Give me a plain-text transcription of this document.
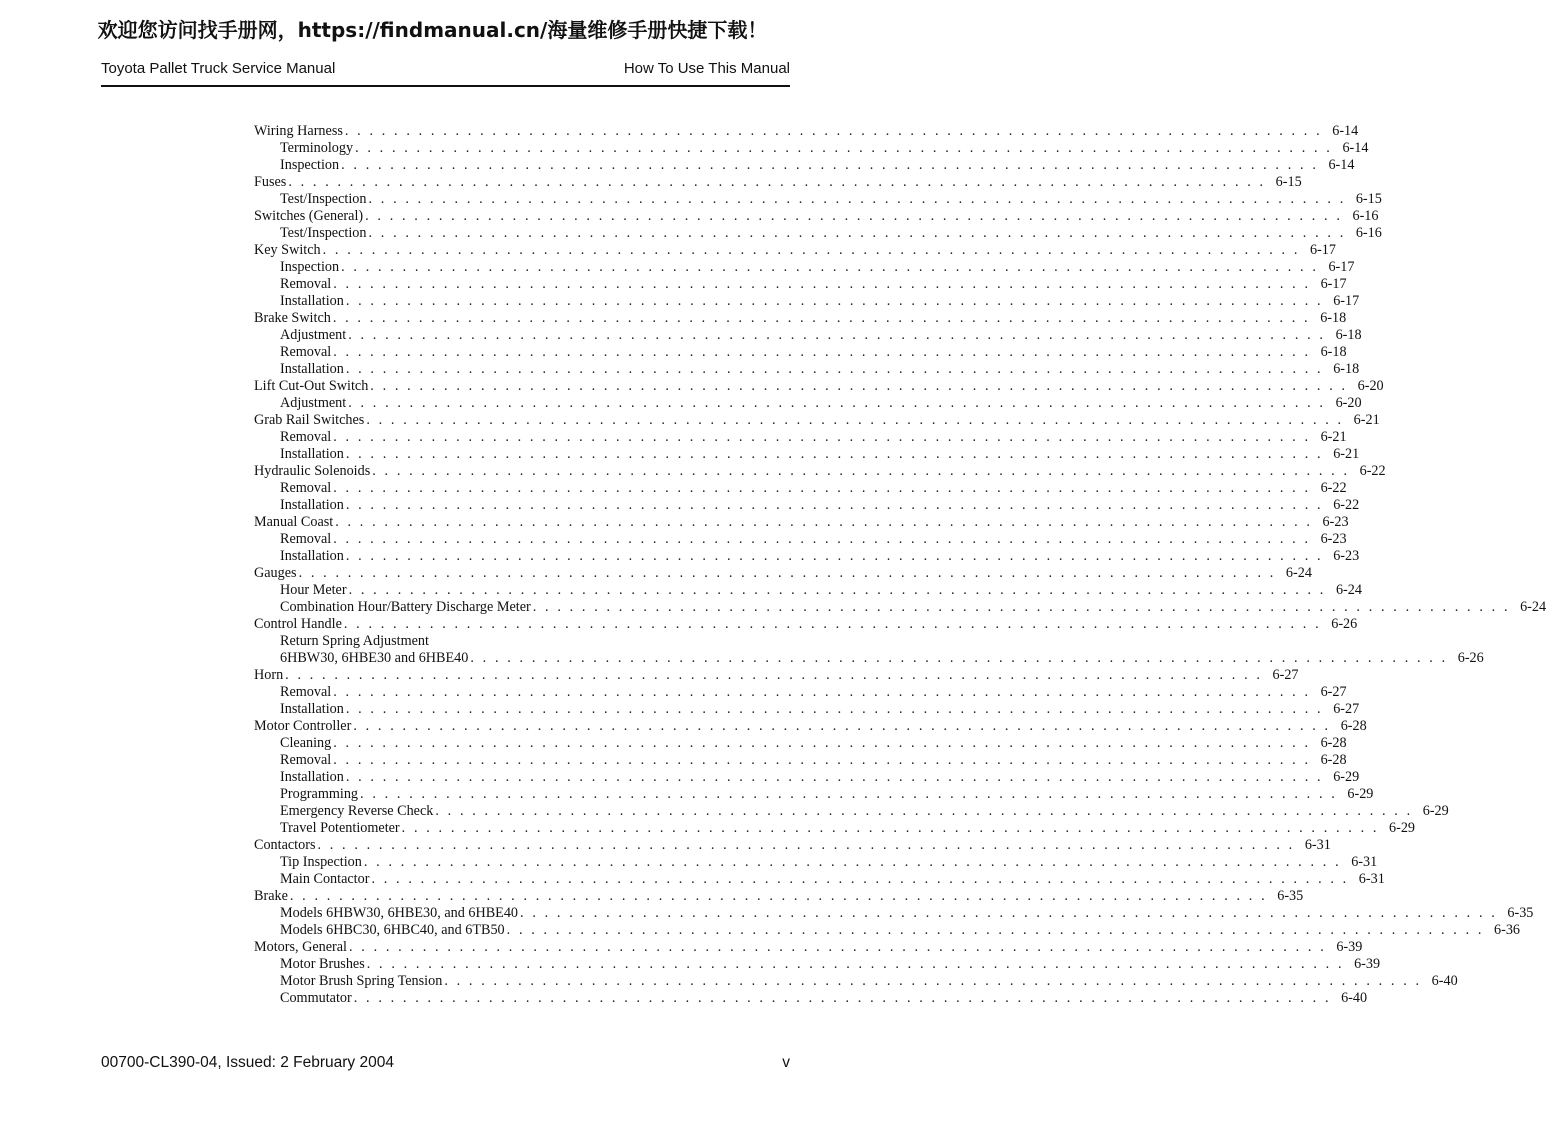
欢迎您访问找手册网，https://findmanual.cn/海量维修手册快捷下载！
Toyota Pallet Truck Service Manual	How To Use This Manual
Wiring Harness . . . . . . . . . . . . . . . . . . . . . . . . . . . . . . . . . . . . . . . . . . . . . . . . . . . . . . . . . . . . . . . . . . . . . . . . . . . . . . . . 6-14
Terminology . . . . . . . . . . . . . . . . . . . . . . . . . . . . . . . . . . . . . . . . . . . . . . . . . . . . . . . . . . . . . . . . . . . . . . . . . . . . . . . . 6-14
Inspection . . . . . . . . . . . . . . . . . . . . . . . . . . . . . . . . . . . . . . . . . . . . . . . . . . . . . . . . . . . . . . . . . . . . . . . . . . . . . . . . 6-14
Fuses . . . . . . . . . . . . . . . . . . . . . . . . . . . . . . . . . . . . . . . . . . . . . . . . . . . . . . . . . . . . . . . . . . . . . . . . . . . . . . . . 6-15
Test/Inspection . . . . . . . . . . . . . . . . . . . . . . . . . . . . . . . . . . . . . . . . . . . . . . . . . . . . . . . . . . . . . . . . . . . . . . . . . . . . . . . . 6-15
Switches (General) . . . . . . . . . . . . . . . . . . . . . . . . . . . . . . . . . . . . . . . . . . . . . . . . . . . . . . . . . . . . . . . . . . . . . . . . . . . . . . . . 6-16
Test/Inspection . . . . . . . . . . . . . . . . . . . . . . . . . . . . . . . . . . . . . . . . . . . . . . . . . . . . . . . . . . . . . . . . . . . . . . . . . . . . . . . . 6-16
Key Switch . . . . . . . . . . . . . . . . . . . . . . . . . . . . . . . . . . . . . . . . . . . . . . . . . . . . . . . . . . . . . . . . . . . . . . . . . . . . . . . . 6-17
Inspection . . . . . . . . . . . . . . . . . . . . . . . . . . . . . . . . . . . . . . . . . . . . . . . . . . . . . . . . . . . . . . . . . . . . . . . . . . . . . . . . 6-17
Removal . . . . . . . . . . . . . . . . . . . . . . . . . . . . . . . . . . . . . . . . . . . . . . . . . . . . . . . . . . . . . . . . . . . . . . . . . . . . . . . . 6-17
Installation . . . . . . . . . . . . . . . . . . . . . . . . . . . . . . . . . . . . . . . . . . . . . . . . . . . . . . . . . . . . . . . . . . . . . . . . . . . . . . . . 6-17
Brake Switch . . . . . . . . . . . . . . . . . . . . . . . . . . . . . . . . . . . . . . . . . . . . . . . . . . . . . . . . . . . . . . . . . . . . . . . . . . . . . . . . 6-18
Adjustment . . . . . . . . . . . . . . . . . . . . . . . . . . . . . . . . . . . . . . . . . . . . . . . . . . . . . . . . . . . . . . . . . . . . . . . . . . . . . . . . 6-18
Removal . . . . . . . . . . . . . . . . . . . . . . . . . . . . . . . . . . . . . . . . . . . . . . . . . . . . . . . . . . . . . . . . . . . . . . . . . . . . . . . . 6-18
Installation . . . . . . . . . . . . . . . . . . . . . . . . . . . . . . . . . . . . . . . . . . . . . . . . . . . . . . . . . . . . . . . . . . . . . . . . . . . . . . . . 6-18
Lift Cut-Out Switch . . . . . . . . . . . . . . . . . . . . . . . . . . . . . . . . . . . . . . . . . . . . . . . . . . . . . . . . . . . . . . . . . . . . . . . . . . . . . . . . 6-20
Adjustment . . . . . . . . . . . . . . . . . . . . . . . . . . . . . . . . . . . . . . . . . . . . . . . . . . . . . . . . . . . . . . . . . . . . . . . . . . . . . . . . 6-20
Grab Rail Switches . . . . . . . . . . . . . . . . . . . . . . . . . . . . . . . . . . . . . . . . . . . . . . . . . . . . . . . . . . . . . . . . . . . . . . . . . . . . . . . . 6-21
Removal . . . . . . . . . . . . . . . . . . . . . . . . . . . . . . . . . . . . . . . . . . . . . . . . . . . . . . . . . . . . . . . . . . . . . . . . . . . . . . . . 6-21
Installation . . . . . . . . . . . . . . . . . . . . . . . . . . . . . . . . . . . . . . . . . . . . . . . . . . . . . . . . . . . . . . . . . . . . . . . . . . . . . . . . 6-21
Hydraulic Solenoids . . . . . . . . . . . . . . . . . . . . . . . . . . . . . . . . . . . . . . . . . . . . . . . . . . . . . . . . . . . . . . . . . . . . . . . . . . . . . . . . 6-22
Removal . . . . . . . . . . . . . . . . . . . . . . . . . . . . . . . . . . . . . . . . . . . . . . . . . . . . . . . . . . . . . . . . . . . . . . . . . . . . . . . . 6-22
Installation . . . . . . . . . . . . . . . . . . . . . . . . . . . . . . . . . . . . . . . . . . . . . . . . . . . . . . . . . . . . . . . . . . . . . . . . . . . . . . . . 6-22
Manual Coast . . . . . . . . . . . . . . . . . . . . . . . . . . . . . . . . . . . . . . . . . . . . . . . . . . . . . . . . . . . . . . . . . . . . . . . . . . . . . . . . 6-23
Removal . . . . . . . . . . . . . . . . . . . . . . . . . . . . . . . . . . . . . . . . . . . . . . . . . . . . . . . . . . . . . . . . . . . . . . . . . . . . . . . . 6-23
Installation . . . . . . . . . . . . . . . . . . . . . . . . . . . . . . . . . . . . . . . . . . . . . . . . . . . . . . . . . . . . . . . . . . . . . . . . . . . . . . . . 6-23
Gauges . . . . . . . . . . . . . . . . . . . . . . . . . . . . . . . . . . . . . . . . . . . . . . . . . . . . . . . . . . . . . . . . . . . . . . . . . . . . . . . . 6-24
Hour Meter . . . . . . . . . . . . . . . . . . . . . . . . . . . . . . . . . . . . . . . . . . . . . . . . . . . . . . . . . . . . . . . . . . . . . . . . . . . . . . . . 6-24
Combination Hour/Battery Discharge Meter . . . . . . . . . . . . . . . . . . . . . . . . . . . . . . . . . . . . . . . . . . . . . . . . . . . . . . . . . . . . . . . . . . . . . . . . . . . . . . . . 6-24
Control Handle . . . . . . . . . . . . . . . . . . . . . . . . . . . . . . . . . . . . . . . . . . . . . . . . . . . . . . . . . . . . . . . . . . . . . . . . . . . . . . . . 6-26
Return Spring Adjustment
6HBW30, 6HBE30 and 6HBE40 . . . . . . . . . . . . . . . . . . . . . . . . . . . . . . . . . . . . . . . . . . . . . . . . . . . . . . . . . . . . . . . . . . . . . . . . . . . . . . . . 6-26
Horn . . . . . . . . . . . . . . . . . . . . . . . . . . . . . . . . . . . . . . . . . . . . . . . . . . . . . . . . . . . . . . . . . . . . . . . . . . . . . . . . 6-27
Removal . . . . . . . . . . . . . . . . . . . . . . . . . . . . . . . . . . . . . . . . . . . . . . . . . . . . . . . . . . . . . . . . . . . . . . . . . . . . . . . . 6-27
Installation . . . . . . . . . . . . . . . . . . . . . . . . . . . . . . . . . . . . . . . . . . . . . . . . . . . . . . . . . . . . . . . . . . . . . . . . . . . . . . . . 6-27
Motor Controller . . . . . . . . . . . . . . . . . . . . . . . . . . . . . . . . . . . . . . . . . . . . . . . . . . . . . . . . . . . . . . . . . . . . . . . . . . . . . . . . 6-28
Cleaning . . . . . . . . . . . . . . . . . . . . . . . . . . . . . . . . . . . . . . . . . . . . . . . . . . . . . . . . . . . . . . . . . . . . . . . . . . . . . . . . 6-28
Removal . . . . . . . . . . . . . . . . . . . . . . . . . . . . . . . . . . . . . . . . . . . . . . . . . . . . . . . . . . . . . . . . . . . . . . . . . . . . . . . . 6-28
Installation . . . . . . . . . . . . . . . . . . . . . . . . . . . . . . . . . . . . . . . . . . . . . . . . . . . . . . . . . . . . . . . . . . . . . . . . . . . . . . . . 6-29
Programming . . . . . . . . . . . . . . . . . . . . . . . . . . . . . . . . . . . . . . . . . . . . . . . . . . . . . . . . . . . . . . . . . . . . . . . . . . . . . . . . 6-29
Emergency Reverse Check . . . . . . . . . . . . . . . . . . . . . . . . . . . . . . . . . . . . . . . . . . . . . . . . . . . . . . . . . . . . . . . . . . . . . . . . . . . . . . . . 6-29
Travel Potentiometer . . . . . . . . . . . . . . . . . . . . . . . . . . . . . . . . . . . . . . . . . . . . . . . . . . . . . . . . . . . . . . . . . . . . . . . . . . . . . . . . 6-29
Contactors . . . . . . . . . . . . . . . . . . . . . . . . . . . . . . . . . . . . . . . . . . . . . . . . . . . . . . . . . . . . . . . . . . . . . . . . . . . . . . . . 6-31
Tip Inspection . . . . . . . . . . . . . . . . . . . . . . . . . . . . . . . . . . . . . . . . . . . . . . . . . . . . . . . . . . . . . . . . . . . . . . . . . . . . . . . . 6-31
Main Contactor . . . . . . . . . . . . . . . . . . . . . . . . . . . . . . . . . . . . . . . . . . . . . . . . . . . . . . . . . . . . . . . . . . . . . . . . . . . . . . . . 6-31
Brake . . . . . . . . . . . . . . . . . . . . . . . . . . . . . . . . . . . . . . . . . . . . . . . . . . . . . . . . . . . . . . . . . . . . . . . . . . . . . . . . 6-35
Models 6HBW30, 6HBE30, and 6HBE40 . . . . . . . . . . . . . . . . . . . . . . . . . . . . . . . . . . . . . . . . . . . . . . . . . . . . . . . . . . . . . . . . . . . . . . . . . . . . . . . . 6-35
Models 6HBC30, 6HBC40, and 6TB50 . . . . . . . . . . . . . . . . . . . . . . . . . . . . . . . . . . . . . . . . . . . . . . . . . . . . . . . . . . . . . . . . . . . . . . . . . . . . . . . . 6-36
Motors, General . . . . . . . . . . . . . . . . . . . . . . . . . . . . . . . . . . . . . . . . . . . . . . . . . . . . . . . . . . . . . . . . . . . . . . . . . . . . . . . . 6-39
Motor Brushes . . . . . . . . . . . . . . . . . . . . . . . . . . . . . . . . . . . . . . . . . . . . . . . . . . . . . . . . . . . . . . . . . . . . . . . . . . . . . . . . 6-39
Motor Brush Spring Tension . . . . . . . . . . . . . . . . . . . . . . . . . . . . . . . . . . . . . . . . . . . . . . . . . . . . . . . . . . . . . . . . . . . . . . . . . . . . . . . . 6-40
Commutator . . . . . . . . . . . . . . . . . . . . . . . . . . . . . . . . . . . . . . . . . . . . . . . . . . . . . . . . . . . . . . . . . . . . . . . . . . . . . . . . 6-40
00700-CL390-04, Issued: 2 February 2004	v
